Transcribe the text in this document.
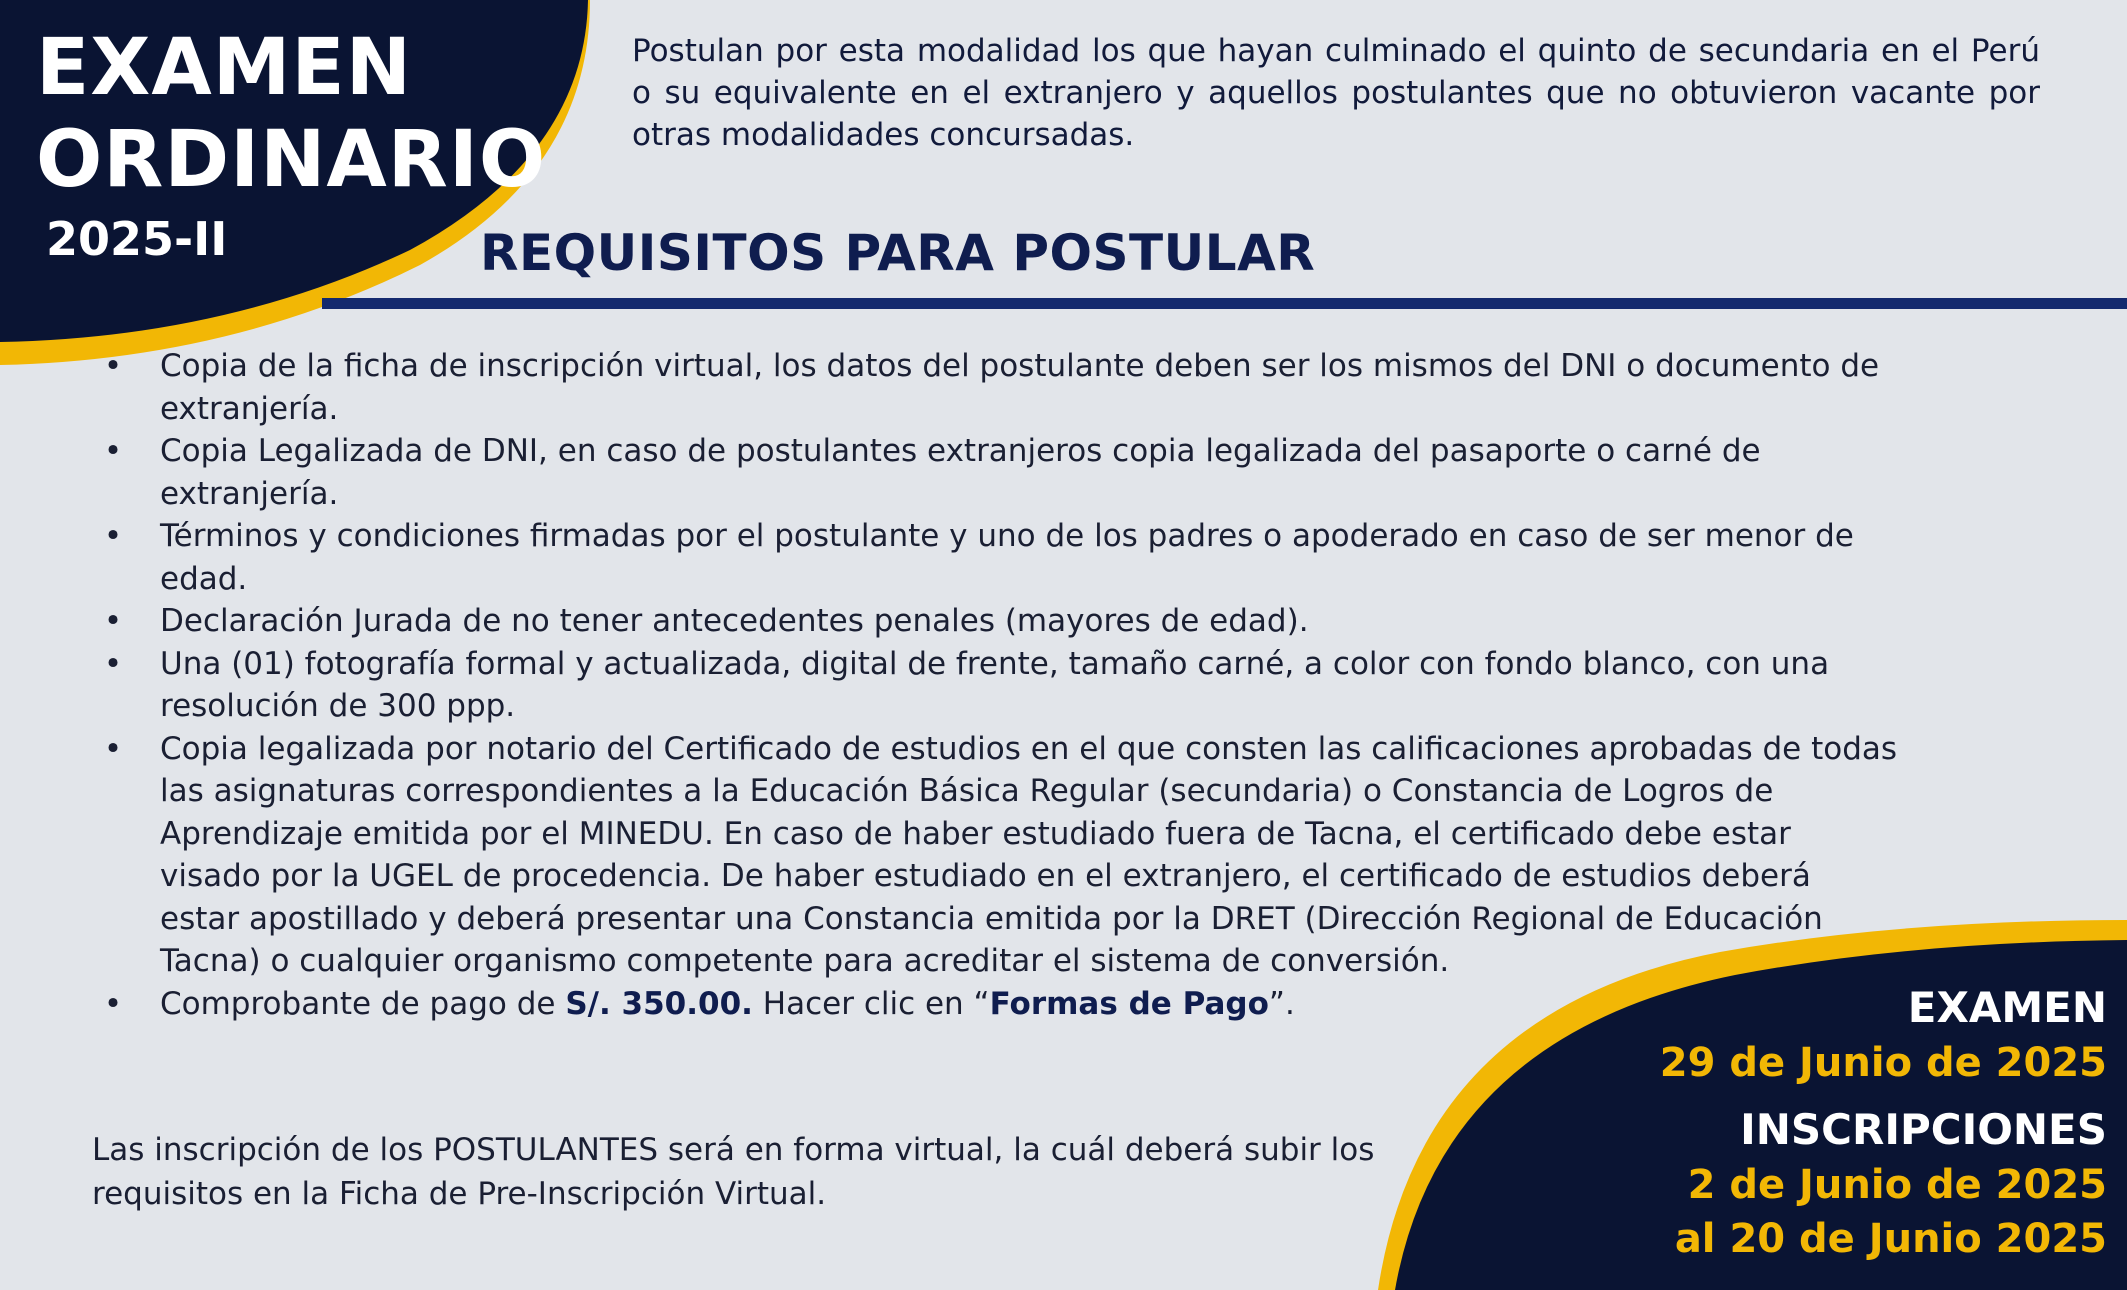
EXAMEN
ORDINARIO
2025-II

Postulan por esta modalidad los que hayan culminado el quinto de secundaria en el Perú o su equivalente en el extranjero y aquellos postulantes que no obtuvieron vacante por otras modalidades concursadas.

REQUISITOS PARA POSTULAR
• Copia de la ficha de inscripción virtual, los datos del postulante deben ser los mismos del DNI o documento de extranjería.
• Copia Legalizada de DNI, en caso de postulantes extranjeros copia legalizada del pasaporte o carné de extranjería.
• Términos y condiciones firmadas por el postulante y uno de los padres o apoderado en caso de ser menor de edad.
• Declaración Jurada de no tener antecedentes penales (mayores de edad).
• Una (01) fotografía formal y actualizada, digital de frente, tamaño carné, a color con fondo blanco, con una resolución de 300 ppp.
• Copia legalizada por notario del Certificado de estudios en el que consten las calificaciones aprobadas de todas las asignaturas correspondientes a la Educación Básica Regular (secundaria) o Constancia de Logros de Aprendizaje emitida por el MINEDU. En caso de haber estudiado fuera de Tacna, el certificado debe estar visado por la UGEL de procedencia. De haber estudiado en el extranjero, el certificado de estudios deberá estar apostillado y deberá presentar una Constancia emitida por la DRET (Dirección Regional de Educación Tacna) o cualquier organismo competente para acreditar el sistema de conversión.
• Comprobante de pago de S/. 350.00. Hacer clic en “Formas de Pago”.

Las inscripción de los POSTULANTES será en forma virtual, la cuál deberá subir los requisitos en la Ficha de Pre-Inscripción Virtual.

EXAMEN
29 de Junio de 2025
INSCRIPCIONES
2 de Junio de 2025
al 20 de Junio 2025
